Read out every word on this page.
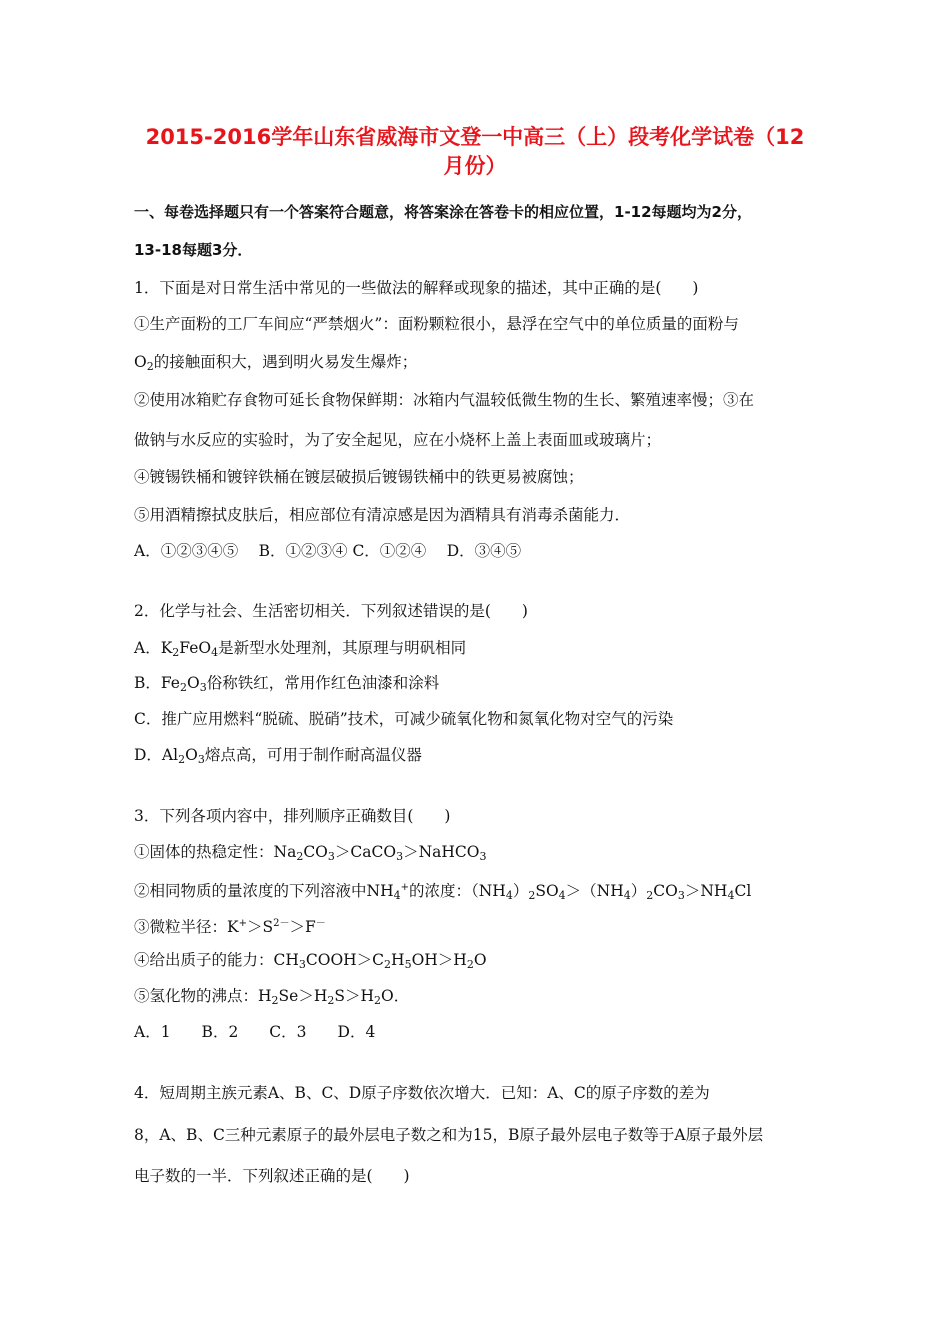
2015-2016学年山东省威海市文登一中高三（上）段考化学试卷（12
月份）
一、每卷选择题只有一个答案符合题意，将答案涂在答卷卡的相应位置，1-12每题均为2分，
13-18每题3分．
1．下面是对日常生活中常见的一些做法的解释或现象的描述，其中正确的是(　　)
①生产面粉的工厂车间应“严禁烟火”：面粉颗粒很小，悬浮在空气中的单位质量的面粉与
O2的接触面积大，遇到明火易发生爆炸；
②使用冰箱贮存食物可延长食物保鲜期：冰箱内气温较低微生物的生长、繁殖速率慢；③在
做钠与水反应的实验时，为了安全起见，应在小烧杯上盖上表面皿或玻璃片；
④镀锡铁桶和镀锌铁桶在镀层破损后镀锡铁桶中的铁更易被腐蚀；
⑤用酒精擦拭皮肤后，相应部位有清凉感是因为酒精具有消毒杀菌能力．
A．①②③④⑤　 B．①②③④ C．①②④　 D．③④⑤
2．化学与社会、生活密切相关．下列叙述错误的是(　　)
A．K2FeO4是新型水处理剂，其原理与明矾相同
B．Fe2O3俗称铁红，常用作红色油漆和涂料
C．推广应用燃料“脱硫、脱硝”技术，可减少硫氧化物和氮氧化物对空气的污染
D．Al2O3熔点高，可用于制作耐高温仪器
3．下列各项内容中，排列顺序正确数目(　　)
①固体的热稳定性：Na2CO3＞CaCO3＞NaHCO3
②相同物质的量浓度的下列溶液中NH4+的浓度：（NH4）2SO4＞（NH4）2CO3＞NH4Cl
③微粒半径：$K^+>S^{2-}>F^-$
④给出质子的能力：CH3COOH＞C2H5OH＞H2O
⑤氢化物的沸点：H2Se＞H2S＞H2O．
A．1　　B．2　　C．3　　D．4
4．短周期主族元素A、B、C、D原子序数依次增大．已知：A、C的原子序数的差为
8，A、B、C三种元素原子的最外层电子数之和为15，B原子最外层电子数等于A原子最外层
电子数的一半．下列叙述正确的是(　　)
